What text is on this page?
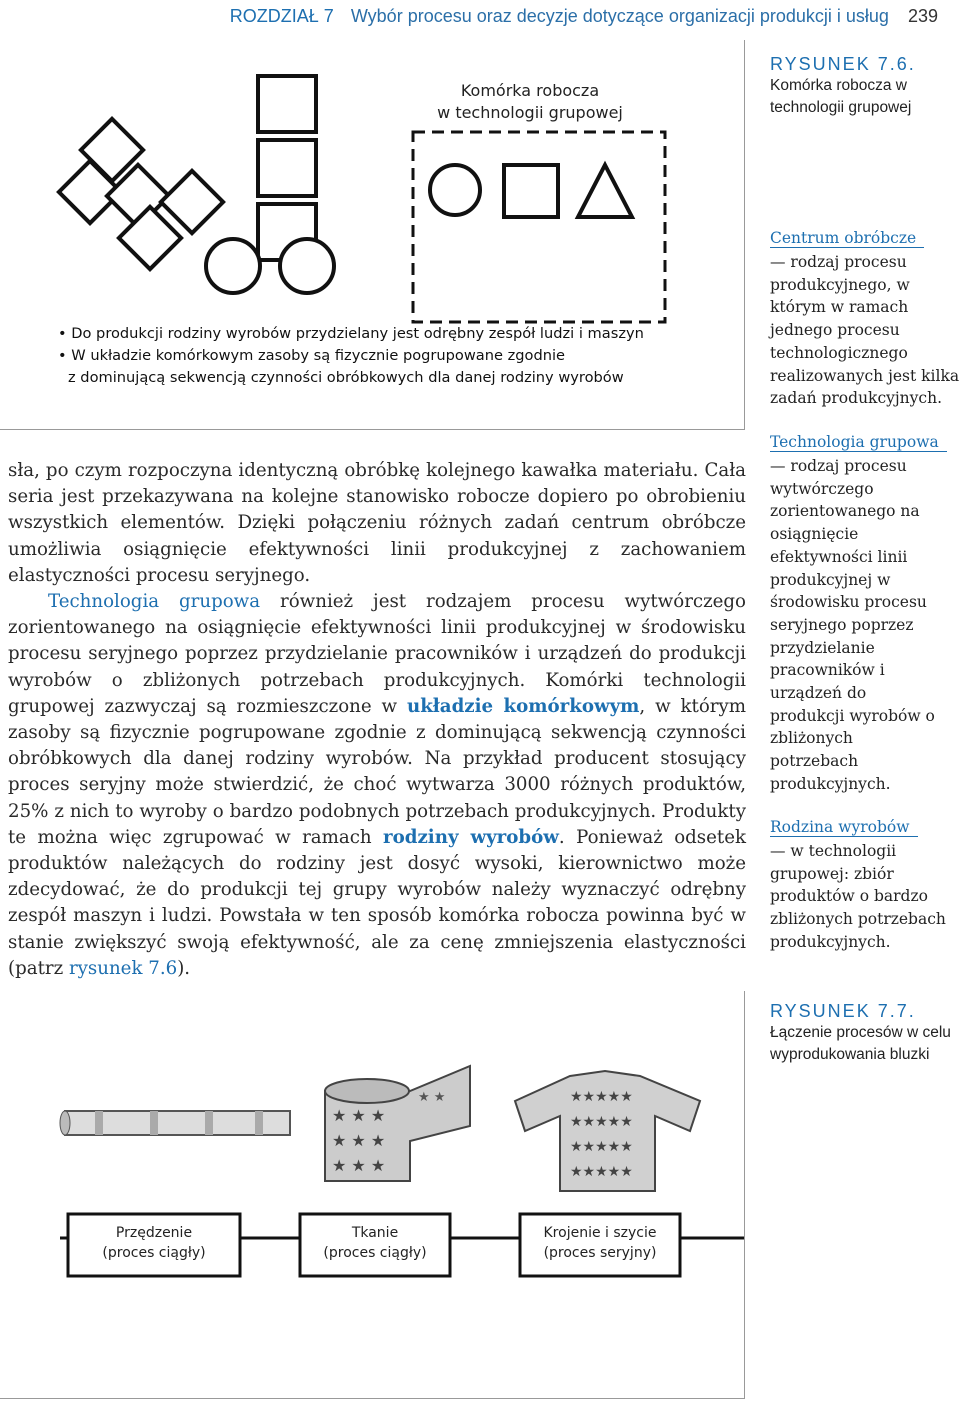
ROZDZIAŁ 7 Wybór procesu oraz decyzje dotyczące organizacji produkcji i usług 239
Komórka robocza
w technologii grupowej
• Do produkcji rodziny wyrobów przydzielany jest odrębny zespół ludzi i maszyn
• W układzie komórkowym zasoby są fizycznie pogrupowane zgodnie
z dominującą sekwencją czynności obróbkowych dla danej rodziny wyrobów
RYSUNEK 7.6.
Komórka robocza w technologii grupowej
Centrum obróbcze
— rodzaj procesu produkcyjnego, w którym w ramach jednego procesu technologicznego realizowanych jest kilka zadań produkcyjnych.
Technologia grupowa
— rodzaj procesu wytwórczego zorientowanego na osiągnięcie efektywności linii produkcyjnej w środowisku procesu seryjnego poprzez przydzielanie pracowników i urządzeń do produkcji wyrobów o zbliżonych potrzebach produkcyjnych.
Rodzina wyrobów
— w technologii grupowej: zbiór produktów o bardzo zbliżonych potrzebach produkcyjnych.

sła, po czym rozpoczyna identyczną obróbkę kolejnego kawałka materiału. Cała seria jest przekazywana na kolejne stanowisko robocze dopiero po obrobieniu wszystkich elementów. Dzięki połączeniu różnych zadań centrum obróbcze umożliwia osiągnięcie efektywności linii produkcyjnej z zachowaniem elastyczności procesu seryjnego.

Technologia grupowa również jest rodzajem procesu wytwórczego zorientowanego na osiągnięcie efektywności linii produkcyjnej w środowisku procesu seryjnego poprzez przydzielanie pracowników i urządzeń do produkcji wyrobów o zbliżonych potrzebach produkcyjnych. Komórki technologii grupowej zazwyczaj są rozmieszczone w układzie komórkowym, w którym zasoby są fizycznie pogrupowane zgodnie z dominującą sekwencją czynności obróbkowych dla danej rodziny wyrobów. Na przykład producent stosujący proces seryjny może stwierdzić, że choć wytwarza 3000 różnych produktów, 25% z nich to wyroby o bardzo podobnych potrzebach produkcyjnych. Produkty te można więc zgrupować w ramach rodziny wyrobów. Ponieważ odsetek produktów należących do rodziny jest dosyć wysoki, kierownictwo może zdecydować, że do produkcji tej grupy wyrobów należy wyznaczyć odrębny zespół maszyn i ludzi. Powstała w ten sposób komórka robocza powinna być w stanie zwiększyć swoją efektywność, ale za cenę zmniejszenia elastyczności (patrz rysunek 7.6).

★ ★ ★
★ ★ ★
★ ★ ★
★ ★	★★★★★
★★★★★
★★★★★
★★★★★
Przędzenie
(proces ciągły)
Tkanie
(proces ciągły)
Krojenie i szycie
(proces seryjny)
RYSUNEK 7.7.
Łączenie procesów w celu wyprodukowania bluzki
